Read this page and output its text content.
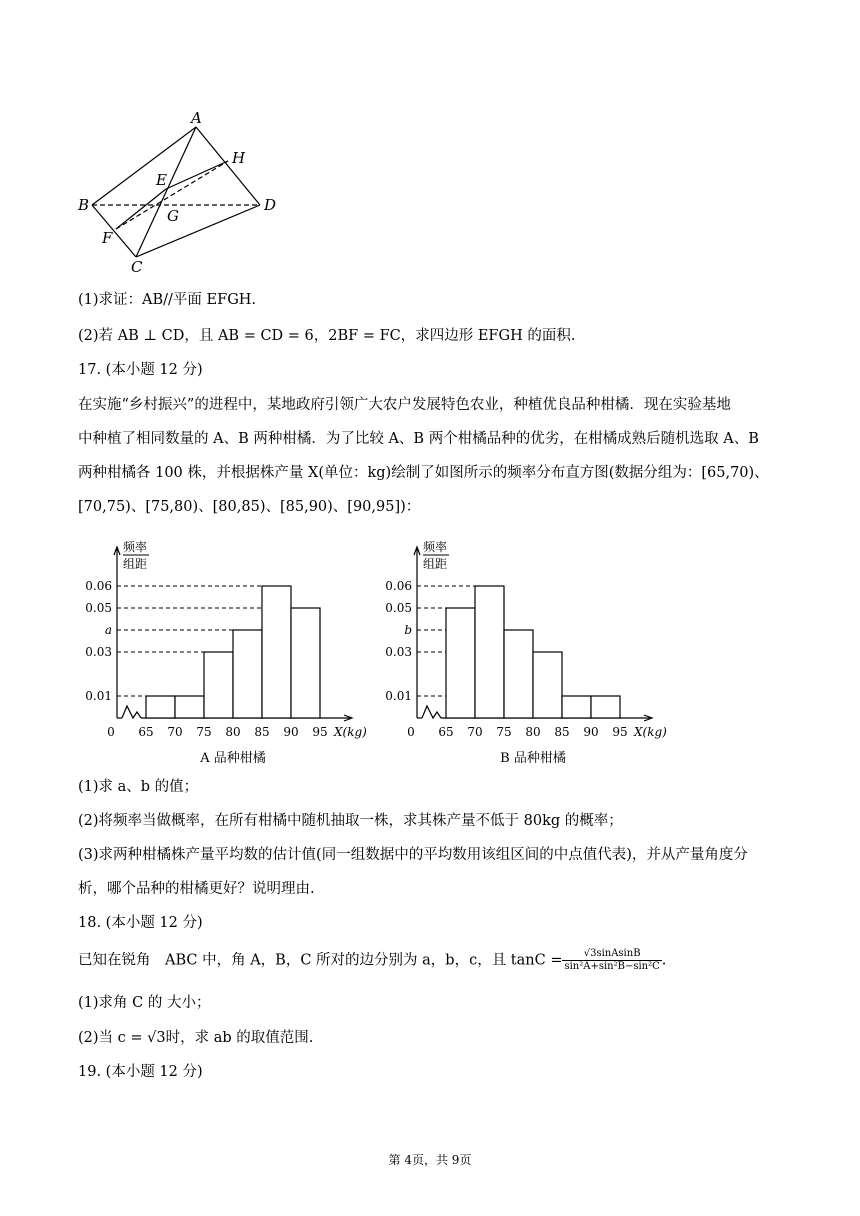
A
H
E
B
G
D
F
C
(1)求证：AB//平面 EFGH.
(2)若 AB ⊥ CD，且 AB = CD = 6，2BF = FC，求四边形 EFGH 的面积.
17. (本小题 12 分)
在实施“乡村振兴”的进程中，某地政府引领广大农户发展特色农业，种植优良品种柑橘．现在实验基地
中种植了相同数量的 A、B 两种柑橘．为了比较 A、B 两个柑橘品种的优劣，在柑橘成熟后随机选取 A、B
两种柑橘各 100 株，并根据株产量 X(单位：kg)绘制了如图所示的频率分布直方图(数据分组为：[65,70)、
[70,75)、[75,80)、[80,85)、[85,90)、[90,95])：
频率
组距
0.01
0.03
a
0.05
0.06
0 65 70 75 80 85 90 95 X(kg)
A 品种柑橘
频率
组距
0.01
0.03
b
0.05
0.06
0 65 70 75 80 85 90 95 X(kg)
B 品种柑橘
(1)求 a、b 的值；
(2)将频率当做概率，在所有柑橘中随机抽取一株，求其株产量不低于 80kg 的概率；
(3)求两种柑橘株产量平均数的估计值(同一组数据中的平均数用该组区间的中点值代表)，并从产量角度分
析，哪个品种的柑橘更好？说明理由.
18. (本小题 12 分)
已知在锐角　ABC 中，角 A，B，C 所对的边分别为 a，b，c，且 $\tan C = \frac{\text{√3sinAsinB}}{\text{sin²A+sin²B−sin²C}}$ .
(1)求角 C 的 大小；
(2)当 c = √3时，求 ab 的取值范围.
19. (本小题 12 分)
第 4页，共 9页
